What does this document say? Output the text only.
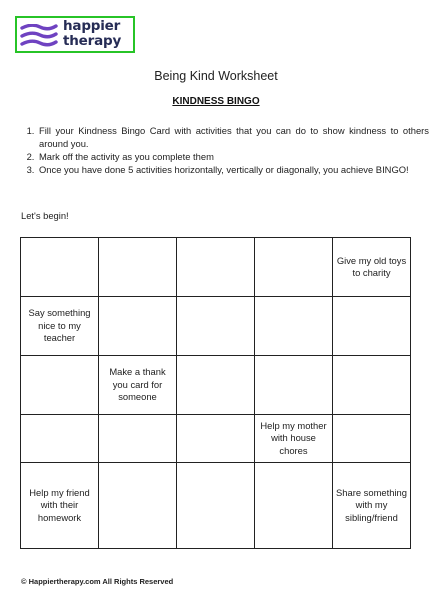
happier
therapy
Being Kind Worksheet
KINDNESS BINGO
1. Fill your Kindness Bingo Card with activities that you can do to show kindness to others around you.
2. Mark off the activity as you complete them
3. Once you have done 5 activities horizontally, vertically or diagonally, you achieve BINGO!
Let's begin!
				Give my old toys to charity
Say something nice to my teacher				
	Make a thank you card for someone			
			Help my mother with house chores	
Help my friend with their homework				Share something with my sibling/friend
© Happiertherapy.com All Rights Reserved
